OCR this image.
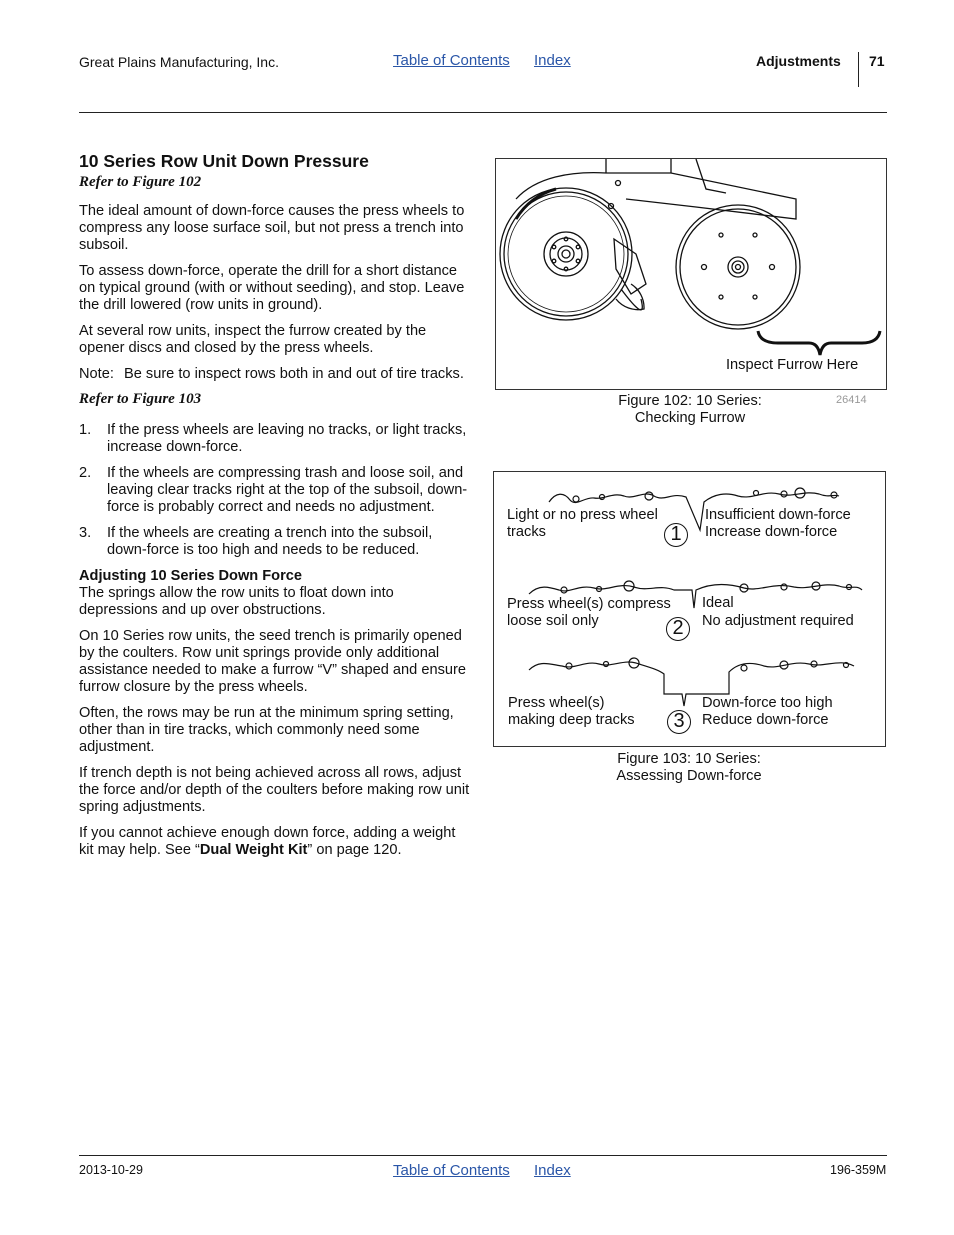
Great Plains Manufacturing, Inc.	Table of Contents Index	Adjustments 71
10 Series Row Unit Down Pressure
Refer to Figure 102

The ideal amount of down-force causes the press wheels to compress any loose surface soil, but not press a trench into subsoil.

To assess down-force, operate the drill for a short distance on typical ground (with or without seeding), and stop. Leave the drill lowered (row units in ground).

At several row units, inspect the furrow created by the opener discs and closed by the press wheels.

Note: Be sure to inspect rows both in and out of tire tracks.
Refer to Figure 103
1. If the press wheels are leaving no tracks, or light tracks, increase down-force.
2. If the wheels are compressing trash and loose soil, and leaving clear tracks right at the top of the subsoil, down-force is probably correct and needs no adjustment.
3. If the wheels are creating a trench into the subsoil, down-force is too high and needs to be reduced.
Adjusting 10 Series Down Force

The springs allow the row units to float down into depressions and up over obstructions.

On 10 Series row units, the seed trench is primarily opened by the coulters. Row unit springs provide only additional assistance needed to make a furrow “V” shaped and ensure furrow closure by the press wheels.

Often, the rows may be run at the minimum spring setting, other than in tire tracks, which commonly need some adjustment.

If trench depth is not being achieved across all rows, adjust the force and/or depth of the coulters before making row unit spring adjustments.

If you cannot achieve enough down force, adding a weight kit may help. See “Dual Weight Kit” on page 120.

Inspect Furrow Here
Figure 102: 10 Series:
Checking Furrow
26414
Light or no press wheel
tracks	1
Insufficient down-force
Increase down-force
Press wheel(s) compress
loose soil only	2
Ideal
No adjustment required
Press wheel(s)
making deep tracks	3
Down-force too high
Reduce down-force
Figure 103: 10 Series:
Assessing Down-force
2013-10-29	Table of Contents Index	196-359M
